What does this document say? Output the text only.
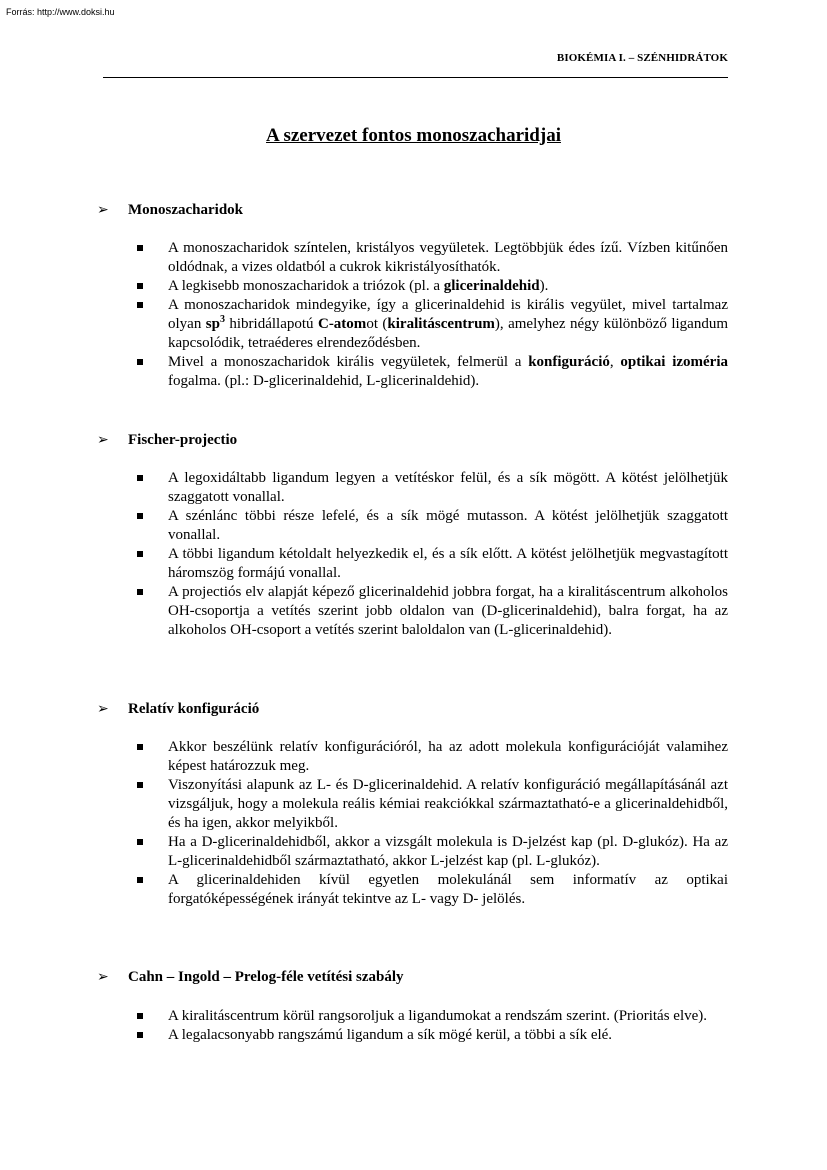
Forrás: http://www.doksi.hu
BIOKÉMIA I. – SZÉNHIDRÁTOK
A szervezet fontos monoszacharidjai
➢	Monoszacharidok
A monoszacharidok színtelen, kristályos vegyületek. Legtöbbjük édes ízű. Vízben kitűnően oldódnak, a vizes oldatból a cukrok kikristályosíthatók.
A legkisebb monoszacharidok a triózok (pl. a glicerinaldehid).
A monoszacharidok mindegyike, így a glicerinaldehid is királis vegyület, mivel tartalmaz olyan $sp^3$ hibridállapotú C-atomot (kiralitáscentrum), amelyhez négy különböző ligandum kapcsolódik, tetraéderes elrendeződésben.
Mivel a monoszacharidok királis vegyületek, felmerül a konfiguráció, optikai izoméria fogalma. (pl.: D-glicerinaldehid, L-glicerinaldehid).
➢	Fischer-projectio
A legoxidáltabb ligandum legyen a vetítéskor felül, és a sík mögött. A kötést jelölhetjük szaggatott vonallal.
A szénlánc többi része lefelé, és a sík mögé mutasson. A kötést jelölhetjük szaggatott vonallal.
A többi ligandum kétoldalt helyezkedik el, és a sík előtt. A kötést jelölhetjük megvastagított háromszög formájú vonallal.
A projectiós elv alapját képező glicerinaldehid jobbra forgat, ha a kiralitáscentrum alkoholos OH-csoportja a vetítés szerint jobb oldalon van (D-glicerinaldehid), balra forgat, ha az alkoholos OH-csoport a vetítés szerint baloldalon van (L-glicerinaldehid).
➢	Relatív konfiguráció
Akkor beszélünk relatív konfigurációról, ha az adott molekula konfigurációját valamihez képest határozzuk meg.
Viszonyítási alapunk az L- és D-glicerinaldehid. A relatív konfiguráció megállapításánál azt vizsgáljuk, hogy a molekula reális kémiai reakciókkal származtatható-e a glicerinaldehidből, és ha igen, akkor melyikből.
Ha a D-glicerinaldehidből, akkor a vizsgált molekula is D-jelzést kap (pl. D-glukóz). Ha az L-glicerinaldehidből származtatható, akkor L-jelzést kap (pl. L-glukóz).
A glicerinaldehiden kívül egyetlen molekulánál sem informatív az optikai forgatóképességének irányát tekintve az L- vagy D- jelölés.
➢	Cahn – Ingold – Prelog-féle vetítési szabály
A kiralitáscentrum körül rangsoroljuk a ligandumokat a rendszám szerint. (Prioritás elve).
A legalacsonyabb rangszámú ligandum a sík mögé kerül, a többi a sík elé.
